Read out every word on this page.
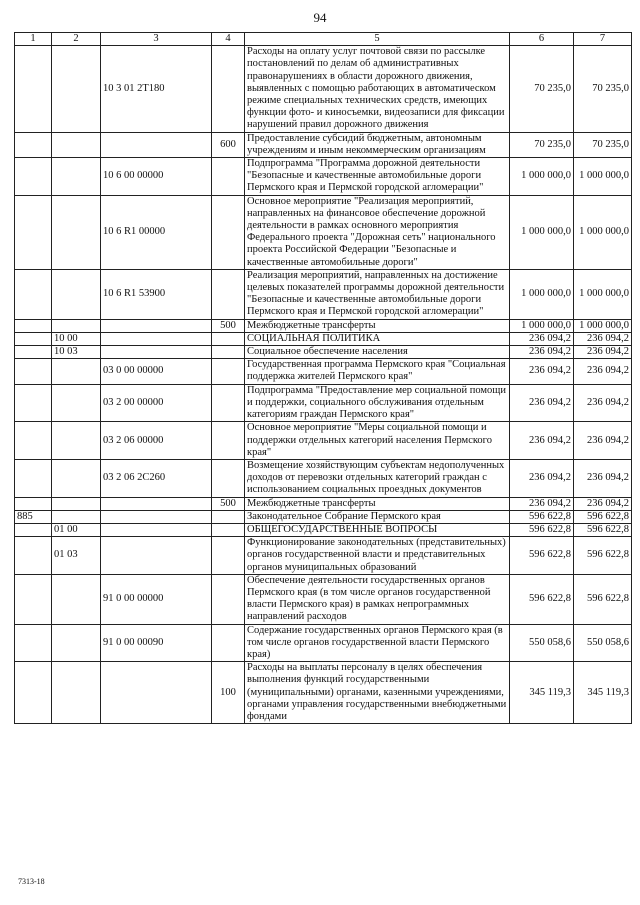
94
1	2	3	4	5	6	7
		10 3 01 2T180		Расходы на оплату услуг почтовой связи по рассылке постановлений по делам об административных правонарушениях в области дорожного движения, выявленных с помощью работающих в автоматическом режиме специальных технических средств, имеющих функции фото- и киносъемки, видеозаписи для фиксации нарушений правил дорожного движения	70 235,0	70 235,0
			600	Предоставление субсидий бюджетным, автономным учреждениям и иным некоммерческим организациям	70 235,0	70 235,0
		10 6 00 00000		Подпрограмма "Программа дорожной деятельности "Безопасные и качественные автомобильные дороги Пермского края и Пермской городской агломерации"	1 000 000,0	1 000 000,0
		10 6 R1 00000		Основное мероприятие "Реализация мероприятий, направленных на финансовое обеспечение дорожной деятельности в рамках основного мероприятия Федерального проекта "Дорожная сеть" национального проекта Российской Федерации "Безопасные и качественные автомобильные дороги"	1 000 000,0	1 000 000,0
		10 6 R1 53900		Реализация мероприятий, направленных на достижение целевых показателей программы дорожной деятельности "Безопасные и качественные автомобильные дороги Пермского края и Пермской городской агломерации"	1 000 000,0	1 000 000,0
			500	Межбюджетные трансферты	1 000 000,0	1 000 000,0
	10 00			СОЦИАЛЬНАЯ ПОЛИТИКА	236 094,2	236 094,2
	10 03			Социальное обеспечение населения	236 094,2	236 094,2
		03 0 00 00000		Государственная программа Пермского края "Социальная поддержка жителей Пермского края"	236 094,2	236 094,2
		03 2 00 00000		Подпрограмма "Предоставление мер социальной помощи и поддержки, социального обслуживания отдельным категориям граждан Пермского края"	236 094,2	236 094,2
		03 2 06 00000		Основное мероприятие "Меры социальной помощи и поддержки отдельных категорий населения Пермского края"	236 094,2	236 094,2
		03 2 06 2С260		Возмещение хозяйствующим субъектам недополученных доходов от перевозки отдельных категорий граждан с использованием социальных проездных документов	236 094,2	236 094,2
			500	Межбюджетные трансферты	236 094,2	236 094,2
885				Законодательное Собрание Пермского края	596 622,8	596 622,8
	01 00			ОБЩЕГОСУДАРСТВЕННЫЕ ВОПРОСЫ	596 622,8	596 622,8
	01 03			Функционирование законодательных (представительных) органов государственной власти и представительных органов муниципальных образований	596 622,8	596 622,8
		91 0 00 00000		Обеспечение деятельности государственных органов Пермского края (в том числе органов государственной власти Пермского края) в рамках непрограммных направлений расходов	596 622,8	596 622,8
		91 0 00 00090		Содержание государственных органов Пермского края (в том числе органов государственной власти Пермского края)	550 058,6	550 058,6
			100	Расходы на выплаты персоналу в целях обеспечения выполнения функций государственными (муниципальными) органами, казенными учреждениями, органами управления государственными внебюджетными фондами	345 119,3	345 119,3
7313-18
